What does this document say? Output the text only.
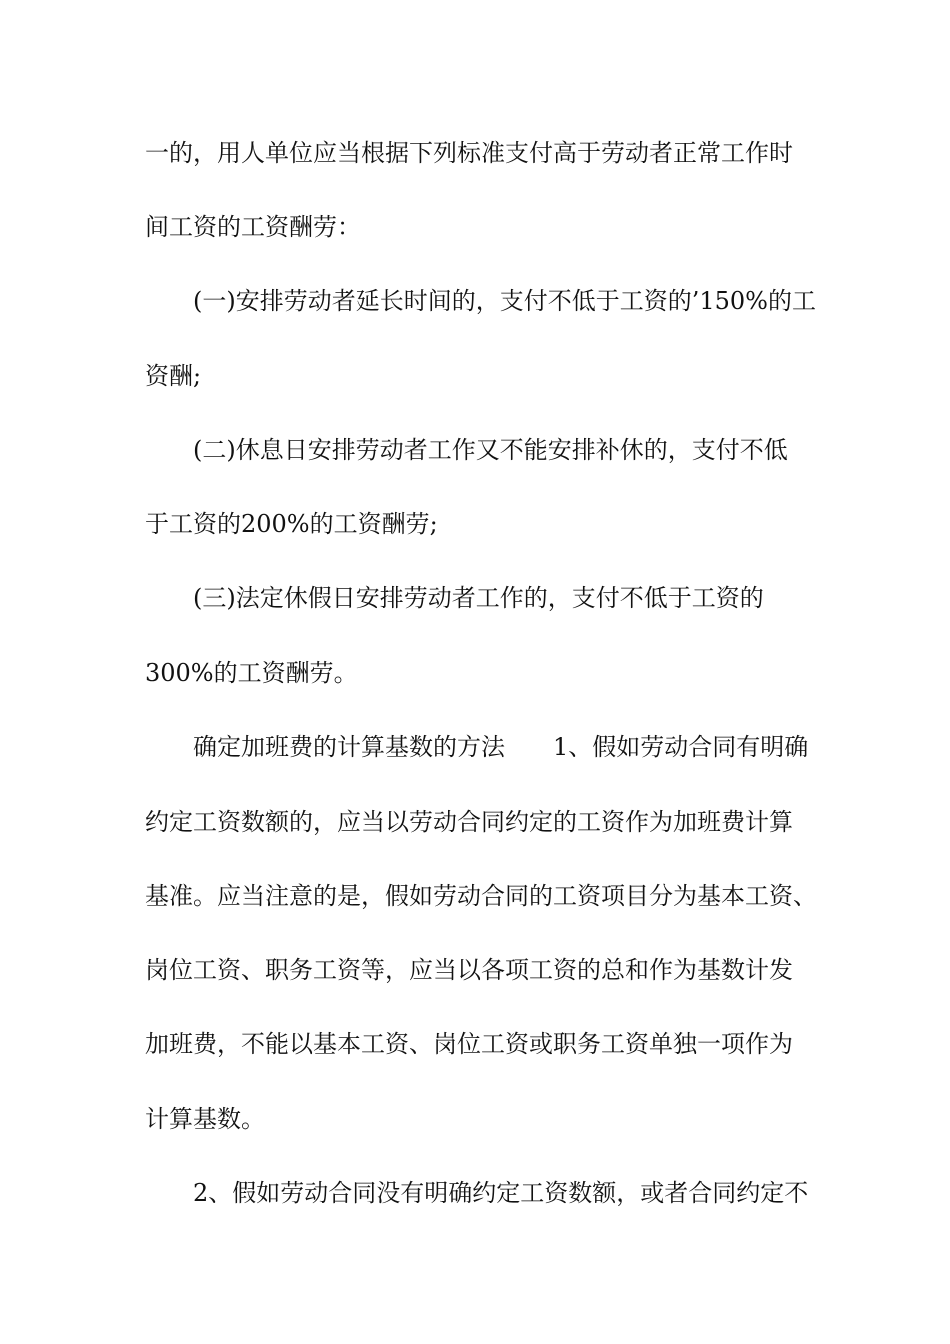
一的，用人单位应当根据下列标准支付高于劳动者正常工作时
间工资的工资酬劳：
(一)安排劳动者延长时间的，支付不低于工资的’150%的工
资酬;
(二)休息日安排劳动者工作又不能安排补休的，支付不低
于工资的200%的工资酬劳;
(三)法定休假日安排劳动者工作的，支付不低于工资的
300%的工资酬劳。
确定加班费的计算基数的方法　　1、假如劳动合同有明确
约定工资数额的，应当以劳动合同约定的工资作为加班费计算
基准。应当注意的是，假如劳动合同的工资项目分为基本工资、
岗位工资、职务工资等，应当以各项工资的总和作为基数计发
加班费，不能以基本工资、岗位工资或职务工资单独一项作为
计算基数。
2、假如劳动合同没有明确约定工资数额，或者合同约定不
